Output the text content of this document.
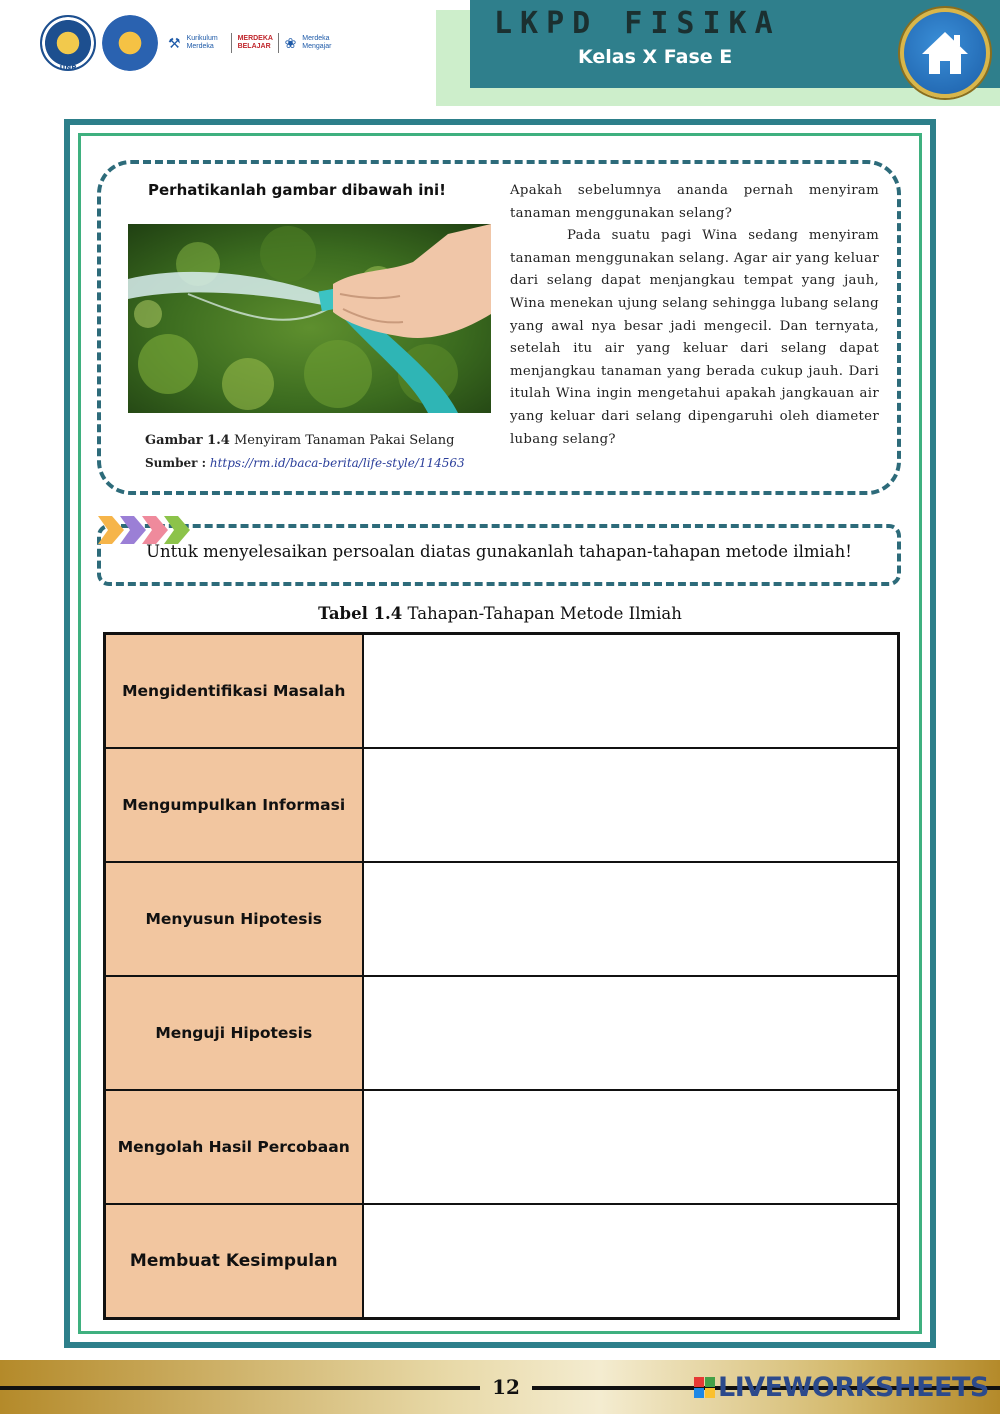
UNP
⚒ Kurikulum Merdeka
MERDEKA BELAJAR ❀ Merdeka Mengajar
LKPD FISIKA
Kelas X Fase E
Perhatikanlah gambar dibawah ini!
Gambar 1.4 Menyiram Tanaman Pakai Selang
Sumber : https://rm.id/baca-berita/life-style/114563

Apakah sebelumnya ananda pernah menyiram tanaman menggunakan selang?

Pada suatu pagi Wina sedang menyiram tanaman menggunakan selang. Agar air yang keluar dari selang dapat menjangkau tempat yang jauh, Wina menekan ujung selang sehingga lubang selang yang awal nya besar jadi mengecil. Dan ternyata, setelah itu air yang keluar dari selang dapat menjangkau tanaman yang berada cukup jauh. Dari itulah Wina ingin mengetahui apakah jangkauan air yang keluar dari selang dipengaruhi oleh diameter lubang selang?

Untuk menyelesaikan persoalan diatas gunakanlah tahapan-tahapan metode ilmiah!
Tabel 1.4 Tahapan-Tahapan Metode Ilmiah
Mengidentifikasi Masalah	
Mengumpulkan Informasi	
Menyusun Hipotesis	
Menguji Hipotesis	
Mengolah Hasil Percobaan	
Membuat Kesimpulan	
12	LIVEWORKSHEETS
